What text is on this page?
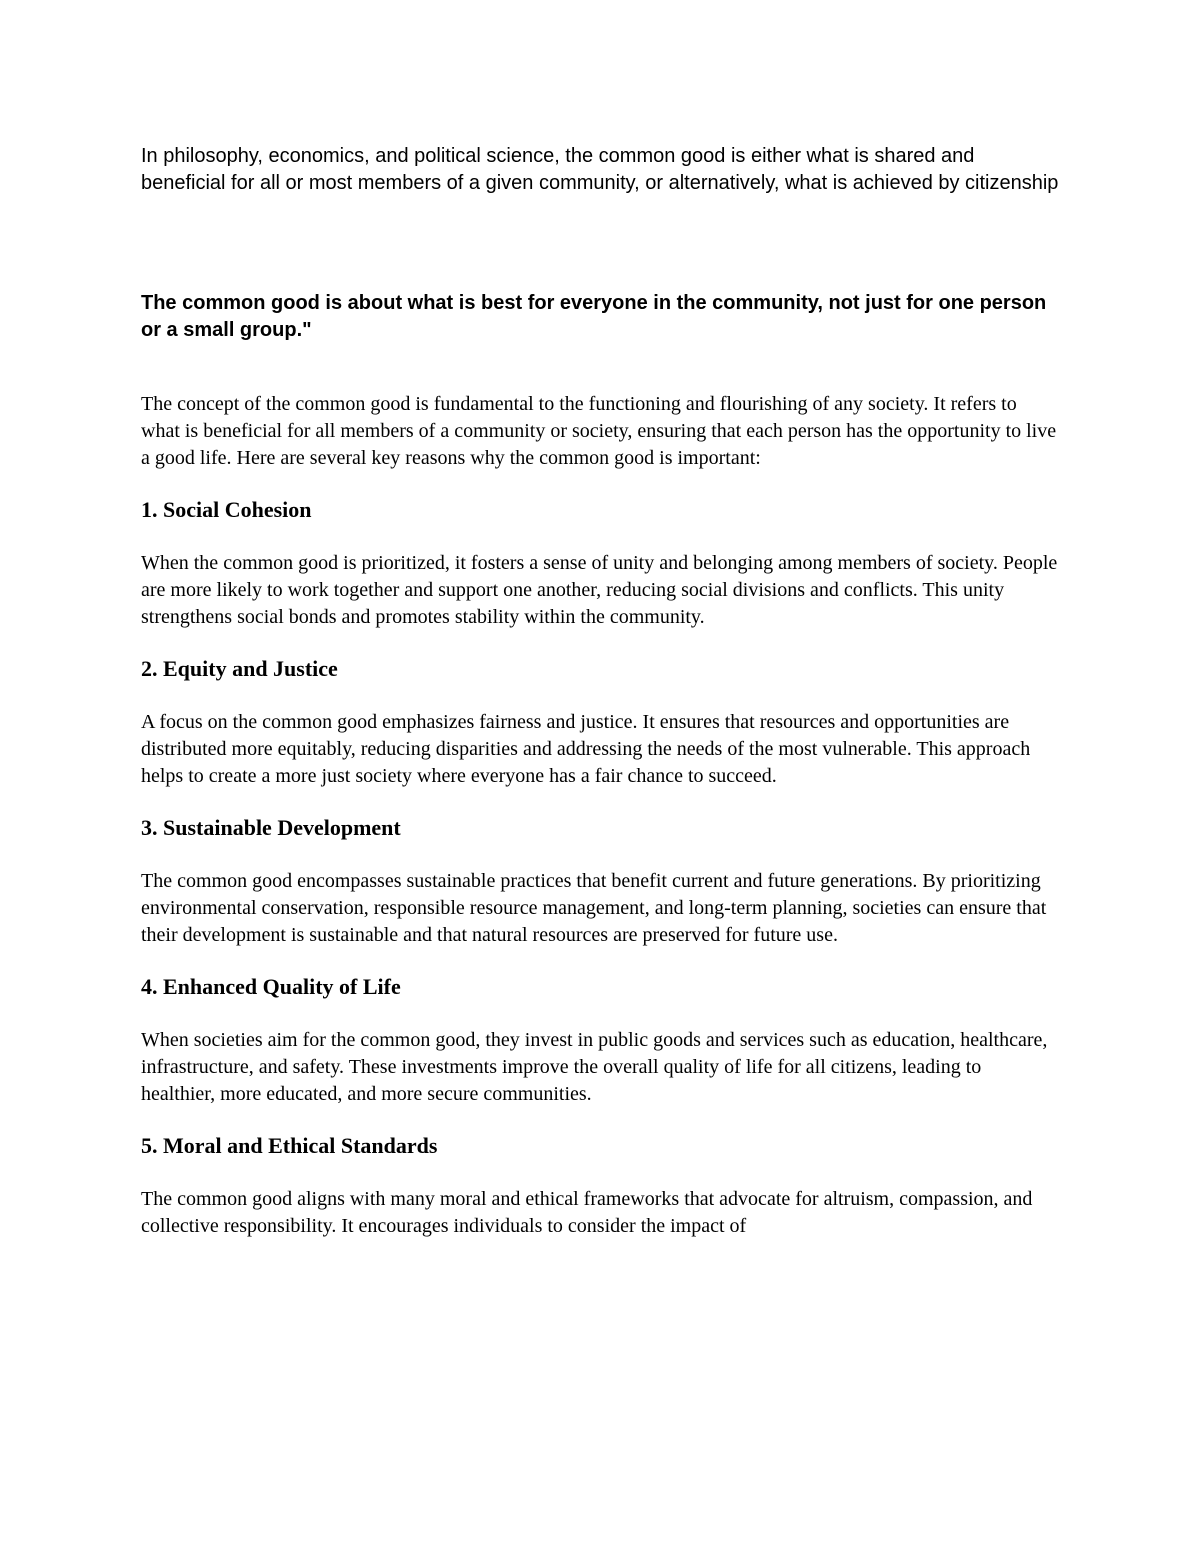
In philosophy, economics, and political science, the common good is either what is shared and beneficial for all or most members of a given community, or alternatively, what is achieved by citizenship

The common good is about what is best for everyone in the community, not just for one person or a small group."

The concept of the common good is fundamental to the functioning and flourishing of any society. It refers to what is beneficial for all members of a community or society, ensuring that each person has the opportunity to live a good life. Here are several key reasons why the common good is important:

1. Social Cohesion

When the common good is prioritized, it fosters a sense of unity and belonging among members of society. People are more likely to work together and support one another, reducing social divisions and conflicts. This unity strengthens social bonds and promotes stability within the community.

2. Equity and Justice

A focus on the common good emphasizes fairness and justice. It ensures that resources and opportunities are distributed more equitably, reducing disparities and addressing the needs of the most vulnerable. This approach helps to create a more just society where everyone has a fair chance to succeed.

3. Sustainable Development

The common good encompasses sustainable practices that benefit current and future generations. By prioritizing environmental conservation, responsible resource management, and long-term planning, societies can ensure that their development is sustainable and that natural resources are preserved for future use.

4. Enhanced Quality of Life

When societies aim for the common good, they invest in public goods and services such as education, healthcare, infrastructure, and safety. These investments improve the overall quality of life for all citizens, leading to healthier, more educated, and more secure communities.

5. Moral and Ethical Standards

The common good aligns with many moral and ethical frameworks that advocate for altruism, compassion, and collective responsibility. It encourages individuals to consider the impact of
